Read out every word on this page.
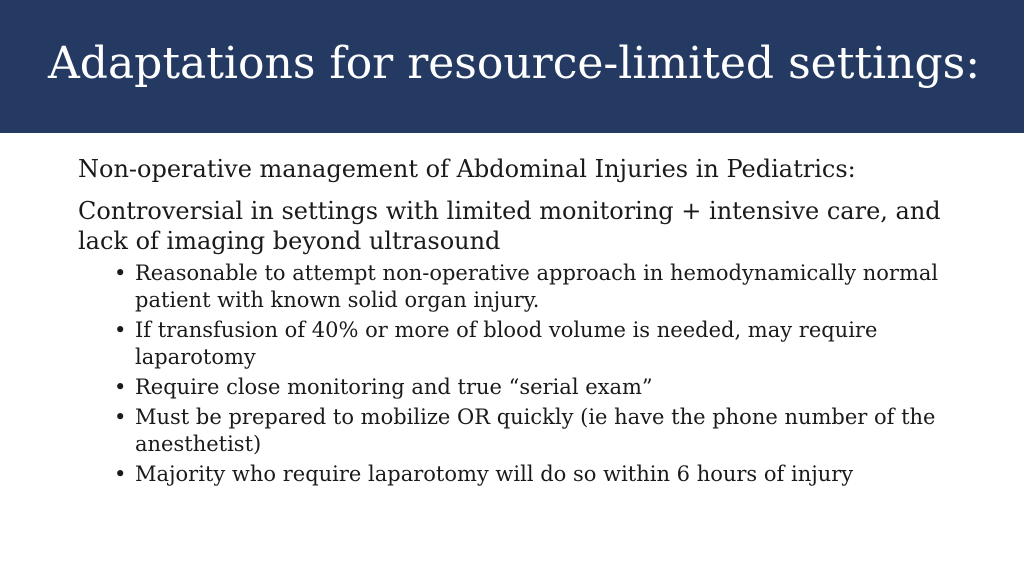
Adaptations for resource-limited settings:

Non-operative management of Abdominal Injuries in Pediatrics:

Controversial in settings with limited monitoring + intensive care, and lack of imaging beyond ultrasound

• Reasonable to attempt non-operative approach in hemodynamically normal patient with known solid organ injury.
• If transfusion of 40% or more of blood volume is needed, may require laparotomy
• Require close monitoring and true “serial exam”
• Must be prepared to mobilize OR quickly (ie have the phone number of the anesthetist)
• Majority who require laparotomy will do so within 6 hours of injury
